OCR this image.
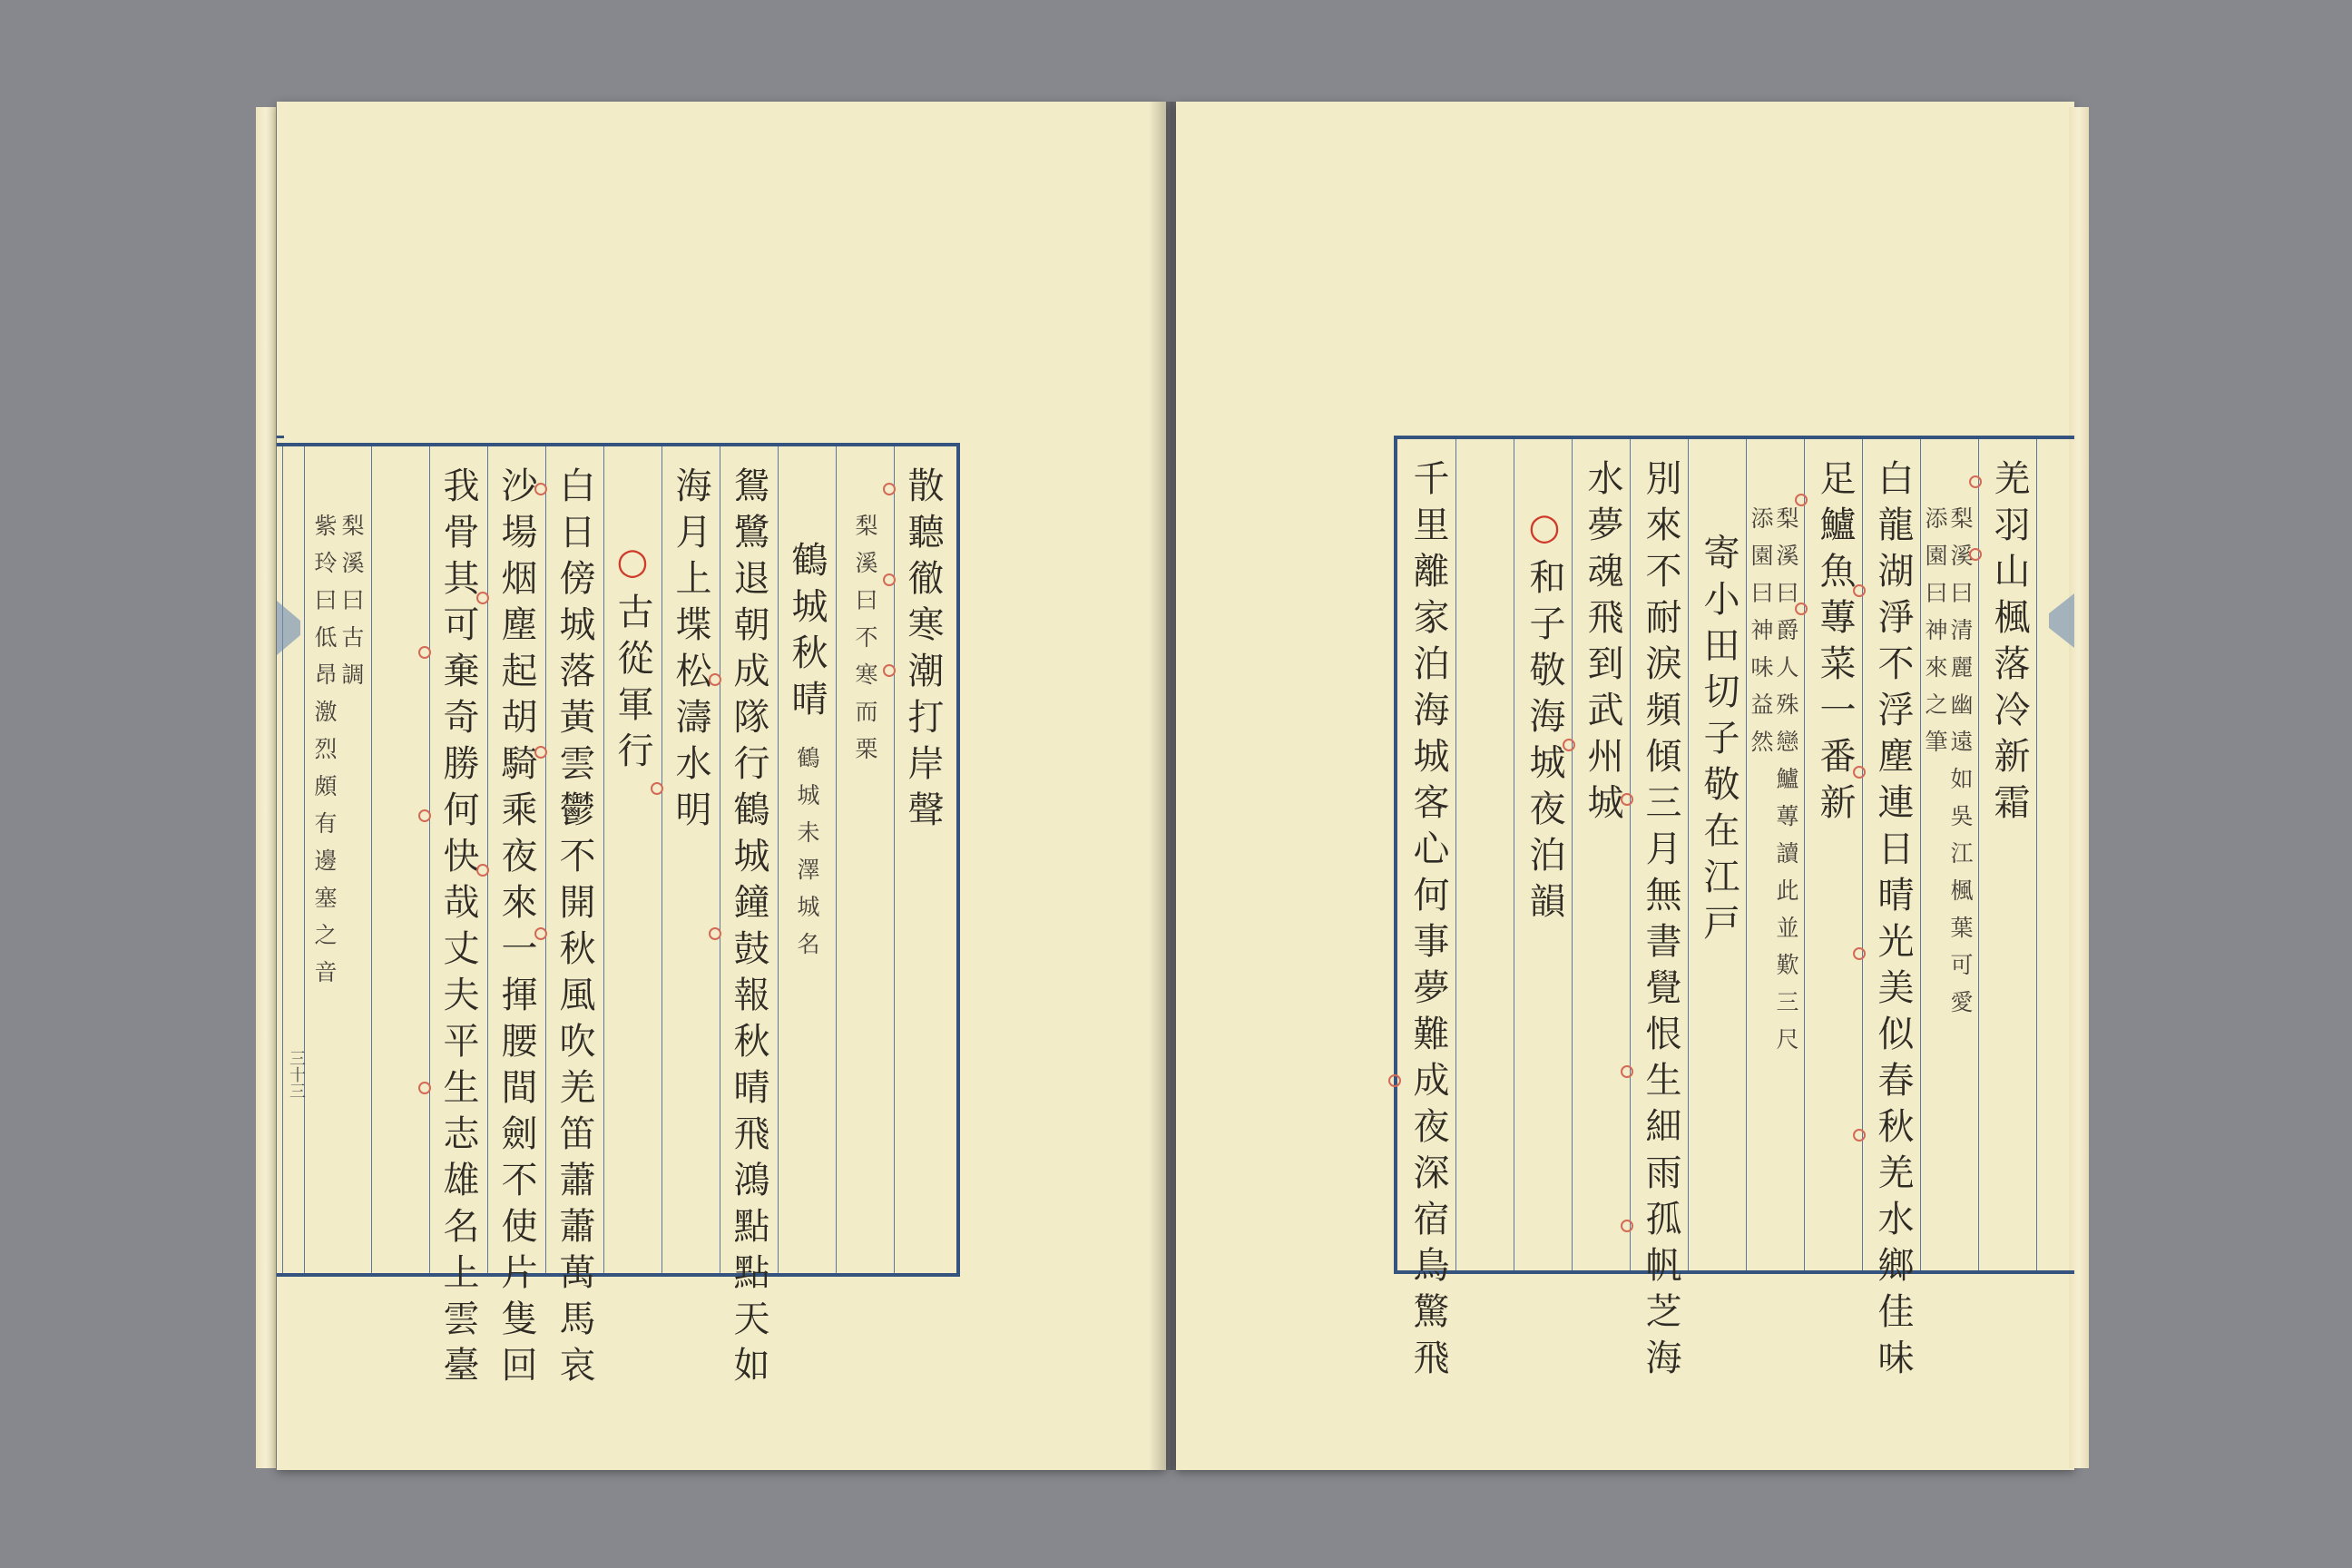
三十三
散聽徹寒潮打岸聲
梨溪曰不寒而栗
鶴城秋晴
鶴城未澤城名
鴛鷺退朝成隊行鶴城鐘鼓報秋晴飛鴻點點天如
海月上堞松濤水明
○古從軍行
白日傍城落黃雲鬱不開秋風吹羌笛蕭蕭萬馬哀
沙場烟塵起胡騎乘夜來一揮腰間劍不使片隻回
我骨其可棄奇勝何快哉丈夫平生志雄名上雲臺
梨溪曰古調
紫玲曰低昂激烈頗有邊塞之音	羌羽山楓落冷新霜
梨溪曰清麗幽遠如吳江楓葉可愛
添園曰神來之筆
白龍湖淨不浮塵連日晴光美似春秋羌水鄉佳味
足鱸魚蓴菜一番新
梨溪曰爵人殊戀鱸蓴讀此並歎三尺
添園曰神味益然
寄小田切子敬在江戸
別來不耐淚頻傾三月無書覺恨生細雨孤帆芝海
水夢魂飛到武州城
○和子敬海城夜泊韻
千里離家泊海城客心何事夢難成夜深宿鳥驚飛
